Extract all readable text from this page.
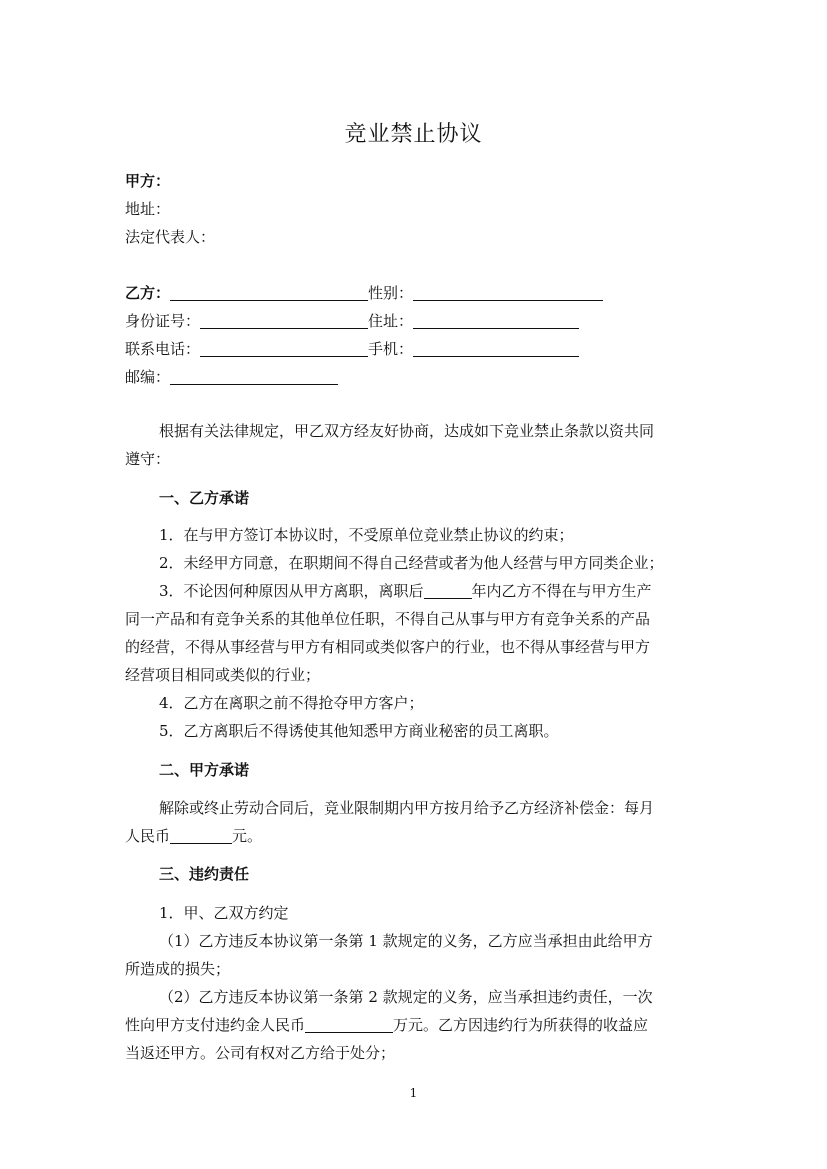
竞业禁止协议
甲方：
地址：
法定代表人：
乙方：	性别：
身份证号：	住址：
联系电话：	手机：
邮编：
根据有关法律规定，甲乙双方经友好协商，达成如下竞业禁止条款以资共同
遵守：
一、乙方承诺
1．在与甲方签订本协议时，不受原单位竞业禁止协议的约束；
2．未经甲方同意，在职期间不得自己经营或者为他人经营与甲方同类企业；
3．不论因何种原因从甲方离职，离职后	年内乙方不得在与甲方生产
同一产品和有竞争关系的其他单位任职，不得自己从事与甲方有竞争关系的产品
的经营，不得从事经营与甲方有相同或类似客户的行业，也不得从事经营与甲方
经营项目相同或类似的行业；
4．乙方在离职之前不得抢夺甲方客户；
5．乙方离职后不得诱使其他知悉甲方商业秘密的员工离职。
二、甲方承诺
解除或终止劳动合同后，竞业限制期内甲方按月给予乙方经济补偿金：每月
人民币	元。
三、违约责任
1．甲、乙双方约定
（1）乙方违反本协议第一条第 1 款规定的义务，乙方应当承担由此给甲方
所造成的损失；
（2）乙方违反本协议第一条第 2 款规定的义务，应当承担违约责任，一次
性向甲方支付违约金人民币	万元。乙方因违约行为所获得的收益应
当返还甲方。公司有权对乙方给于处分；
1
